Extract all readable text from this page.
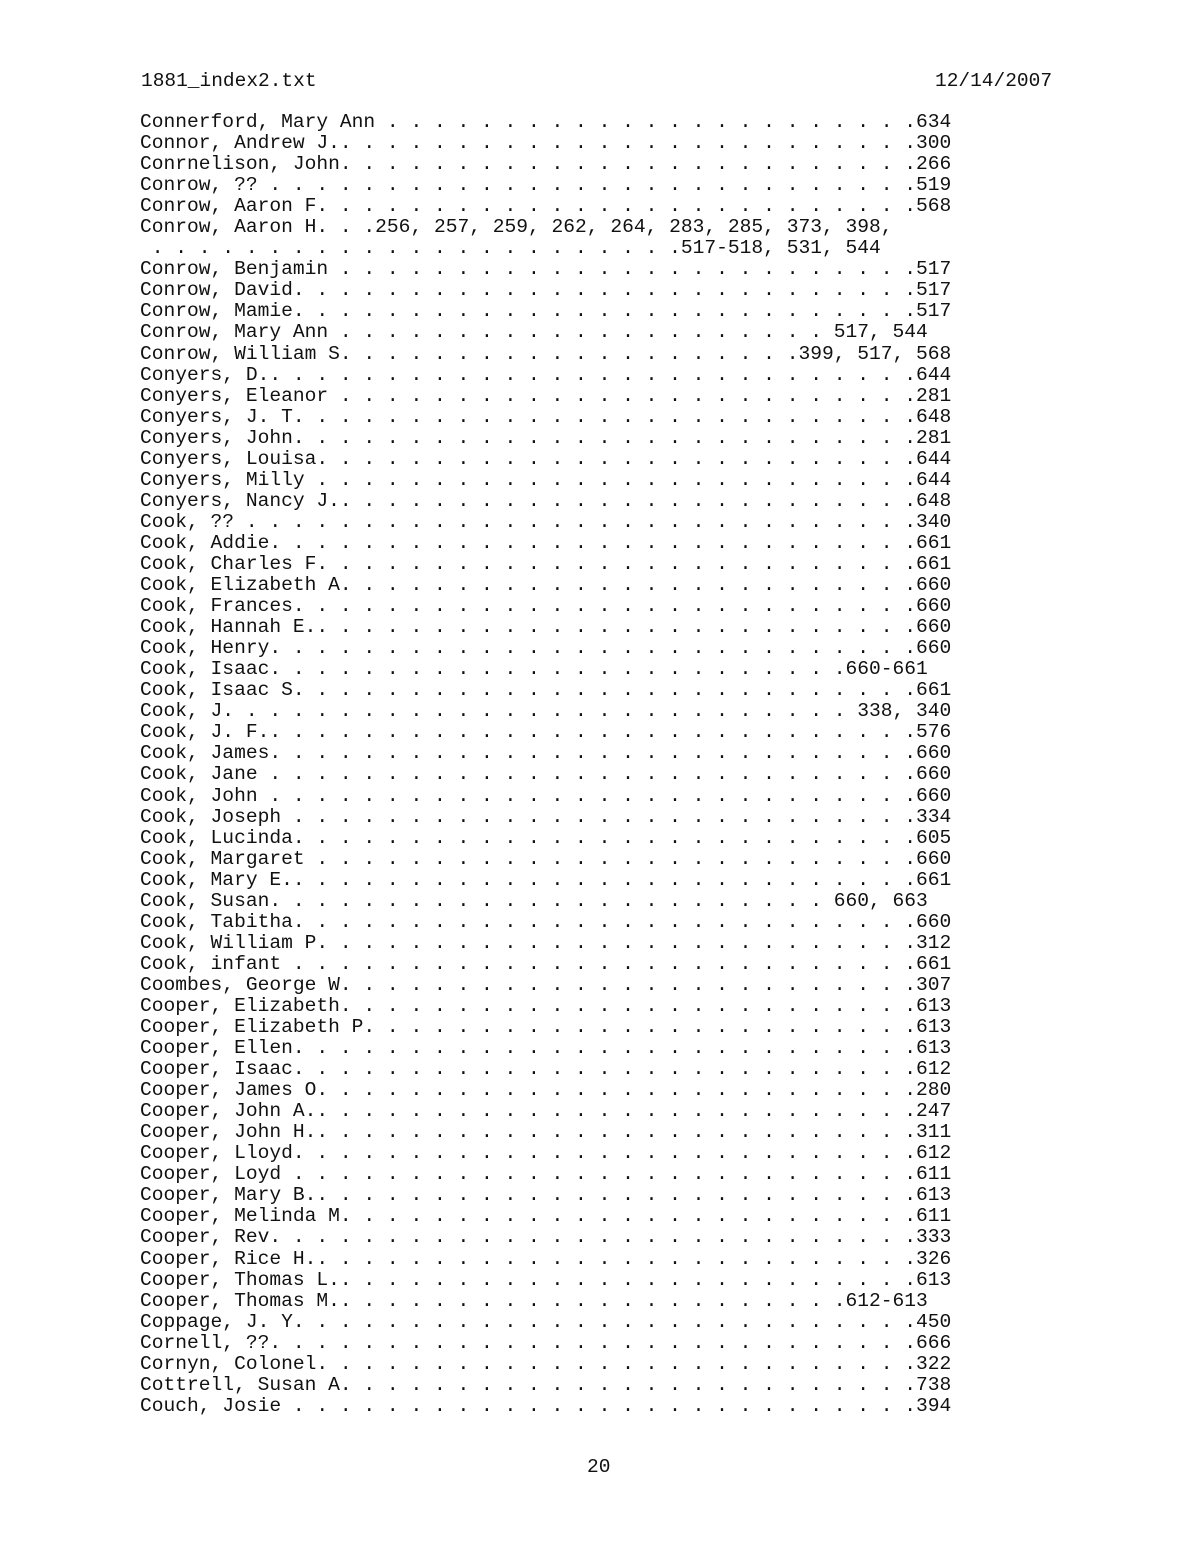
1881_index2.txt	12/14/2007
Connerford, Mary Ann . . . . . . . . . . . . . . . . . . . . . . .634
Connor, Andrew J.. . . . . . . . . . . . . . . . . . . . . . . . .300
Conrnelison, John. . . . . . . . . . . . . . . . . . . . . . . . .266
Conrow, ?? . . . . . . . . . . . . . . . . . . . . . . . . . . . .519
Conrow, Aaron F. . . . . . . . . . . . . . . . . . . . . . . . . .568
Conrow, Aaron H. . .256, 257, 259, 262, 264, 283, 285, 373, 398,
. . . . . . . . . . . . . . . . . . . . . . .517-518, 531, 544
Conrow, Benjamin . . . . . . . . . . . . . . . . . . . . . . . . .517
Conrow, David. . . . . . . . . . . . . . . . . . . . . . . . . . .517
Conrow, Mamie. . . . . . . . . . . . . . . . . . . . . . . . . . .517
Conrow, Mary Ann . . . . . . . . . . . . . . . . . . . . . 517, 544
Conrow, William S. . . . . . . . . . . . . . . . . . . .399, 517, 568
Conyers, D.. . . . . . . . . . . . . . . . . . . . . . . . . . . .644
Conyers, Eleanor . . . . . . . . . . . . . . . . . . . . . . . . .281
Conyers, J. T. . . . . . . . . . . . . . . . . . . . . . . . . . .648
Conyers, John. . . . . . . . . . . . . . . . . . . . . . . . . . .281
Conyers, Louisa. . . . . . . . . . . . . . . . . . . . . . . . . .644
Conyers, Milly . . . . . . . . . . . . . . . . . . . . . . . . . .644
Conyers, Nancy J.. . . . . . . . . . . . . . . . . . . . . . . . .648
Cook, ?? . . . . . . . . . . . . . . . . . . . . . . . . . . . . .340
Cook, Addie. . . . . . . . . . . . . . . . . . . . . . . . . . . .661
Cook, Charles F. . . . . . . . . . . . . . . . . . . . . . . . . .661
Cook, Elizabeth A. . . . . . . . . . . . . . . . . . . . . . . . .660
Cook, Frances. . . . . . . . . . . . . . . . . . . . . . . . . . .660
Cook, Hannah E.. . . . . . . . . . . . . . . . . . . . . . . . . .660
Cook, Henry. . . . . . . . . . . . . . . . . . . . . . . . . . . .660
Cook, Isaac. . . . . . . . . . . . . . . . . . . . . . . . .660-661
Cook, Isaac S. . . . . . . . . . . . . . . . . . . . . . . . . . .661
Cook, J. . . . . . . . . . . . . . . . . . . . . . . . . . . 338, 340
Cook, J. F.. . . . . . . . . . . . . . . . . . . . . . . . . . . .576
Cook, James. . . . . . . . . . . . . . . . . . . . . . . . . . . .660
Cook, Jane . . . . . . . . . . . . . . . . . . . . . . . . . . . .660
Cook, John . . . . . . . . . . . . . . . . . . . . . . . . . . . .660
Cook, Joseph . . . . . . . . . . . . . . . . . . . . . . . . . . .334
Cook, Lucinda. . . . . . . . . . . . . . . . . . . . . . . . . . .605
Cook, Margaret . . . . . . . . . . . . . . . . . . . . . . . . . .660
Cook, Mary E.. . . . . . . . . . . . . . . . . . . . . . . . . . .661
Cook, Susan. . . . . . . . . . . . . . . . . . . . . . . . 660, 663
Cook, Tabitha. . . . . . . . . . . . . . . . . . . . . . . . . . .660
Cook, William P. . . . . . . . . . . . . . . . . . . . . . . . . .312
Cook, infant . . . . . . . . . . . . . . . . . . . . . . . . . . .661
Coombes, George W. . . . . . . . . . . . . . . . . . . . . . . . .307
Cooper, Elizabeth. . . . . . . . . . . . . . . . . . . . . . . . .613
Cooper, Elizabeth P. . . . . . . . . . . . . . . . . . . . . . . .613
Cooper, Ellen. . . . . . . . . . . . . . . . . . . . . . . . . . .613
Cooper, Isaac. . . . . . . . . . . . . . . . . . . . . . . . . . .612
Cooper, James O. . . . . . . . . . . . . . . . . . . . . . . . . .280
Cooper, John A.. . . . . . . . . . . . . . . . . . . . . . . . . .247
Cooper, John H.. . . . . . . . . . . . . . . . . . . . . . . . . .311
Cooper, Lloyd. . . . . . . . . . . . . . . . . . . . . . . . . . .612
Cooper, Loyd . . . . . . . . . . . . . . . . . . . . . . . . . . .611
Cooper, Mary B.. . . . . . . . . . . . . . . . . . . . . . . . . .613
Cooper, Melinda M. . . . . . . . . . . . . . . . . . . . . . . . .611
Cooper, Rev. . . . . . . . . . . . . . . . . . . . . . . . . . . .333
Cooper, Rice H.. . . . . . . . . . . . . . . . . . . . . . . . . .326
Cooper, Thomas L.. . . . . . . . . . . . . . . . . . . . . . . . .613
Cooper, Thomas M.. . . . . . . . . . . . . . . . . . . . . .612-613
Coppage, J. Y. . . . . . . . . . . . . . . . . . . . . . . . . . .450
Cornell, ??. . . . . . . . . . . . . . . . . . . . . . . . . . . .666
Cornyn, Colonel. . . . . . . . . . . . . . . . . . . . . . . . . .322
Cottrell, Susan A. . . . . . . . . . . . . . . . . . . . . . . . .738
Couch, Josie . . . . . . . . . . . . . . . . . . . . . . . . . . .394
20
